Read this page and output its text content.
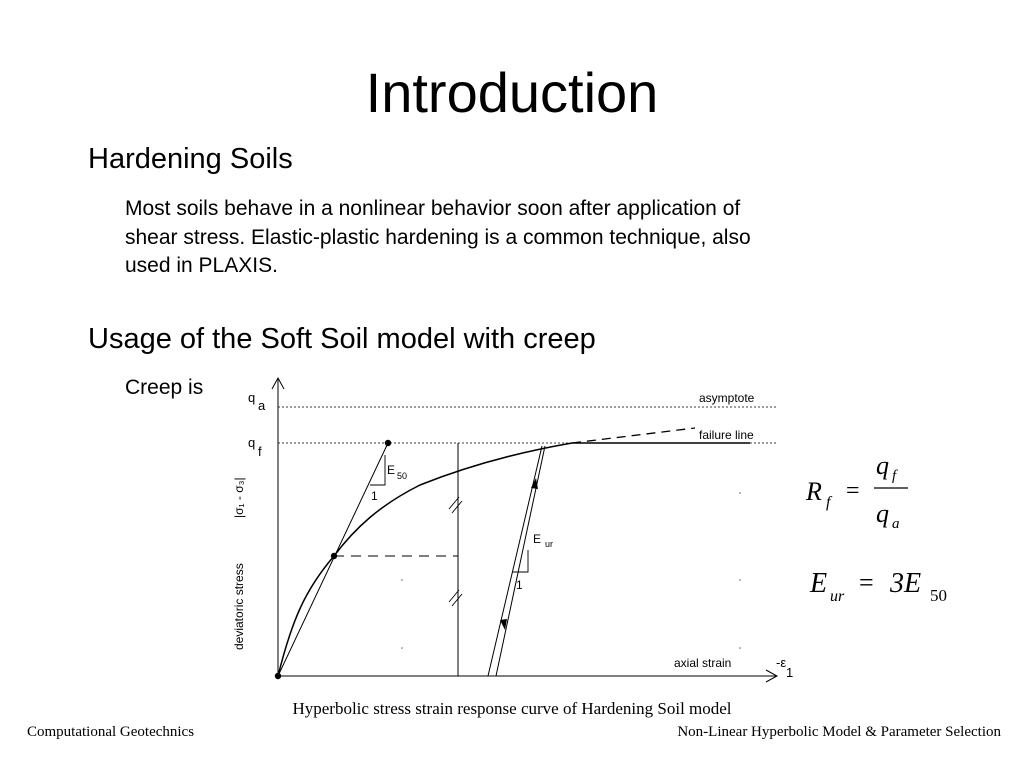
Introduction
Hardening Soils
Most soils behave in a nonlinear behavior soon after application of
shear stress. Elastic-plastic hardening is a common technique, also
used in PLAXIS.
Usage of the Soft Soil model with creep
Creep is	q
a
q
f
asymptote
failure line
axial strain	-ε
1
E 50
1
E ur
1
deviatoric stress
|σ₁ - σ₃|	R f =
q f
q a
E ur = 3E 50
Hyperbolic stress strain response curve of Hardening Soil model
Computational Geotechnics	Non-Linear Hyperbolic Model & Parameter Selection
